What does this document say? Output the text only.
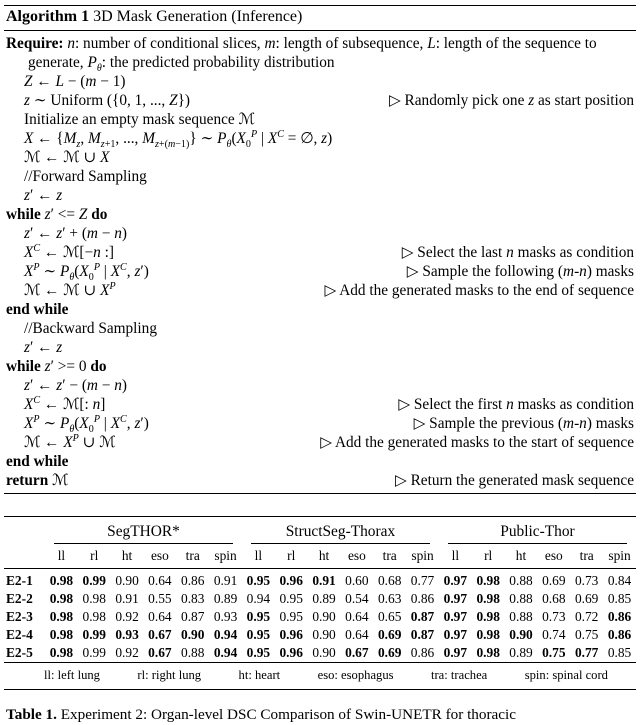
Algorithm 1 3D Mask Generation (Inference)
Require: n: number of conditional slices, m: length of subsequence, L: length of the sequence to generate, $P_\theta$: the predicted probability distribution
Z ← L − (m − 1)
z ∼ Uniform ({0, 1, ..., Z})	▷ Randomly pick one z as start position
Initialize an empty mask sequence ℳ
X ← {$M_z$, $M_{z+1}$, ..., $M_{z+(m-1)}$} ∼ $P_\theta(X_0^P$ | $X^C$ = ∅, z)
ℳ ← ℳ ∪ X
//Forward Sampling
z′ ← z
while z′ <= Z do
z′ ← z′ + (m − n)
$X^C$ ← ℳ[−n :]	▷ Select the last n masks as condition
$X^P$ ∼ $P_\theta(X_0^P$ | $X^C$, z′)	▷ Sample the following (m-n) masks
ℳ ← ℳ ∪ $X^P$	▷ Add the generated masks to the end of sequence
end while
//Backward Sampling
z′ ← z
while z′ >= 0 do
z′ ← z′ − (m − n)
$X^C$ ← ℳ[: n]	▷ Select the first n masks as condition
$X^P$ ∼ $P_\theta(X_0^P$ | $X^C$, z′)	▷ Sample the previous (m-n) masks
ℳ ← $X^P$ ∪ ℳ	▷ Add the generated masks to the start of sequence
end while
return ℳ	▷ Return the generated mask sequence

	SegTHOR*						StructSeg-Thorax						Public-Thor					

	ll	rl	ht	eso	tra	spin	ll	rl	ht	eso	tra	spin	ll	rl	ht	eso	tra	spin
E2-1	0.98	0.99	0.90	0.64	0.86	0.91	0.95	0.96	0.91	0.60	0.68	0.77	0.97	0.98	0.88	0.69	0.73	0.84
E2-2	0.98	0.98	0.91	0.55	0.83	0.89	0.94	0.95	0.89	0.54	0.63	0.86	0.97	0.98	0.88	0.68	0.69	0.85
E2-3	0.98	0.98	0.92	0.64	0.87	0.93	0.95	0.95	0.90	0.64	0.65	0.87	0.97	0.98	0.88	0.73	0.72	0.86
E2-4	0.98	0.99	0.93	0.67	0.90	0.94	0.95	0.96	0.90	0.64	0.69	0.87	0.97	0.98	0.90	0.74	0.75	0.86
E2-5	0.98	0.99	0.92	0.67	0.88	0.94	0.95	0.96	0.90	0.67	0.69	0.86	0.97	0.98	0.89	0.75	0.77	0.85
ll: left lung	rl: right lung	ht: heart	eso: esophagus	tra: trachea	spin: spinal cord
Table 1. Experiment 2: Organ-level DSC Comparison of Swin-UNETR for thoracic
